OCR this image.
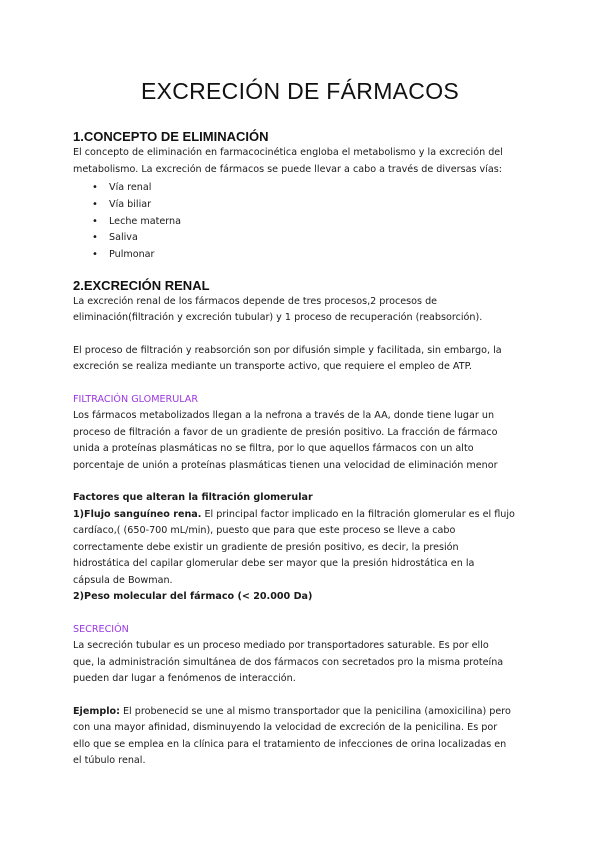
EXCRECIÓN DE FÁRMACOS
1.CONCEPTO DE ELIMINACIÓN

El concepto de eliminación en farmacocinética engloba el metabolismo y la excreción del

metabolismo. La excreción de fármacos se puede llevar a cabo a través de diversas vías:

• Vía renal
• Vía biliar
• Leche materna
• Saliva
• Pulmonar
2.EXCRECIÓN RENAL

La excreción renal de los fármacos depende de tres procesos,2 procesos de

eliminación(filtración y excreción tubular) y 1 proceso de recuperación (reabsorción).

El proceso de filtración y reabsorción son por difusión simple y facilitada, sin embargo, la

excreción se realiza mediante un transporte activo, que requiere el empleo de ATP.

FILTRACIÓN GLOMERULAR

Los fármacos metabolizados llegan a la nefrona a través de la AA, donde tiene lugar un

proceso de filtración a favor de un gradiente de presión positivo. La fracción de fármaco

unida a proteínas plasmáticas no se filtra, por lo que aquellos fármacos con un alto

porcentaje de unión a proteínas plasmáticas tienen una velocidad de eliminación menor

Factores que alteran la filtración glomerular

1)Flujo sanguíneo rena. El principal factor implicado en la filtración glomerular es el flujo

cardíaco,( (650-700 mL/min), puesto que para que este proceso se lleve a cabo

correctamente debe existir un gradiente de presión positivo, es decir, la presión

hidrostática del capilar glomerular debe ser mayor que la presión hidrostática en la

cápsula de Bowman.

2)Peso molecular del fármaco (< 20.000 Da)

SECRECIÓN

La secreción tubular es un proceso mediado por transportadores saturable. Es por ello

que, la administración simultánea de dos fármacos con secretados pro la misma proteína

pueden dar lugar a fenómenos de interacción.

Ejemplo: El probenecid se une al mismo transportador que la penicilina (amoxicilina) pero

con una mayor afinidad, disminuyendo la velocidad de excreción de la penicilina. Es por

ello que se emplea en la clínica para el tratamiento de infecciones de orina localizadas en

el túbulo renal.
